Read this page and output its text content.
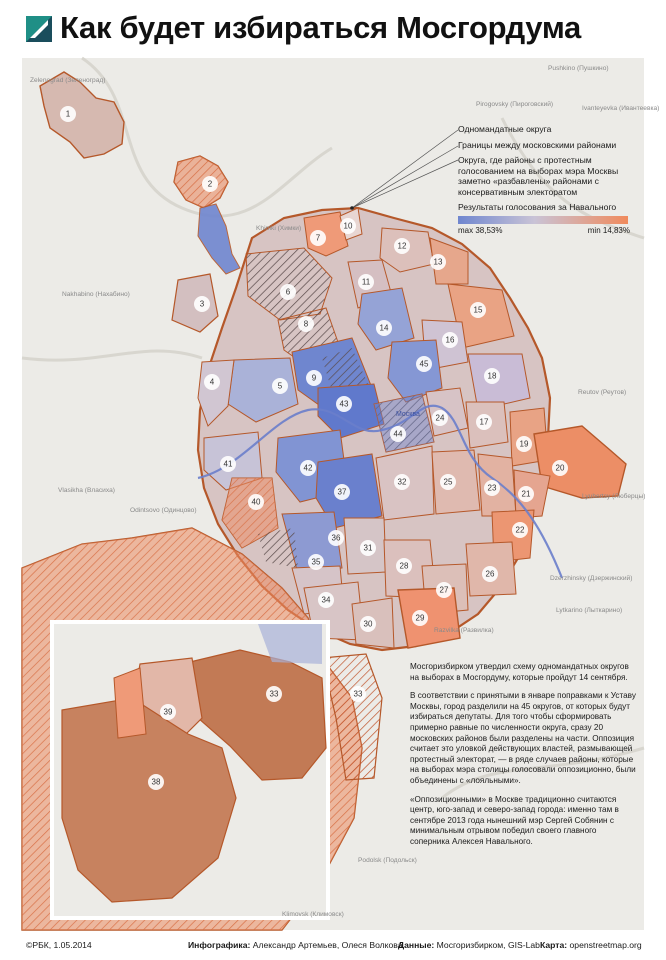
Как будет избираться Мосгордума
Zelenograd (Зеленоград)
Pirogovsky (Пироговский)
Pushkino (Пушкино)
Ivanteyevka (Ивантеевка)
Khimki (Химки)
Nakhabino (Нахабино)
Reutov (Реутов)
Lyubertsy (Люберцы)
Vlasikha (Власиха)
Odintsovo (Одинцово)
Dzerzhinsky (Дзержинский)
Lytkarino (Лыткарино)
Razvilka (Развилка)
Podolsk (Подольск)
Klimovsk (Климовск)
Москва
1
2
3
4	5
6
7
8
9
10
11
12
13
14
15
16
17
18
19
20
21
22
23
24
25
26
27
28
29
30
31
32
33
34
35
36
37
38
39
40
41	42
43
44
45
33
Одномандатные округа
Границы между московскими районами
Округа, где районы с протестным голосованием на выборах мэра Москвы заметно «разбавлены» районами с консервативным электоратом
Результаты голосования за Навального
max 38,53%	min 14,83%

Мосгоризбирком утвердил схему одномандатных округов на выборах в Мосгордуму, которые пройдут 14 сентября.

В соответствии с принятыми в январе поправками к Уставу Москвы, город разделили на 45 округов, от которых будут избираться депутаты. Для того чтобы сформировать примерно равные по численности округа, сразу 20 московских районов были разделены на части. Оппозиция считает это уловкой действующих властей, размывающей протестный электорат, — в ряде случаев районы, которые на выборах мэра столицы голосовали оппозиционно, были объединены с «лояльными».

«Оппозиционными» в Москве традиционно считаются центр, юго-запад и северо-запад города: именно там в сентябре 2013 года нынешний мэр Сергей Собянин с минимальным отрывом победил своего главного соперника Алексея Навального.

©РБК, 1.05.2014	Инфографика: Александр Артемьев, Олеся Волкова
Данные: Мосгоризбирком, GIS-Lab Карта: openstreetmap.org
